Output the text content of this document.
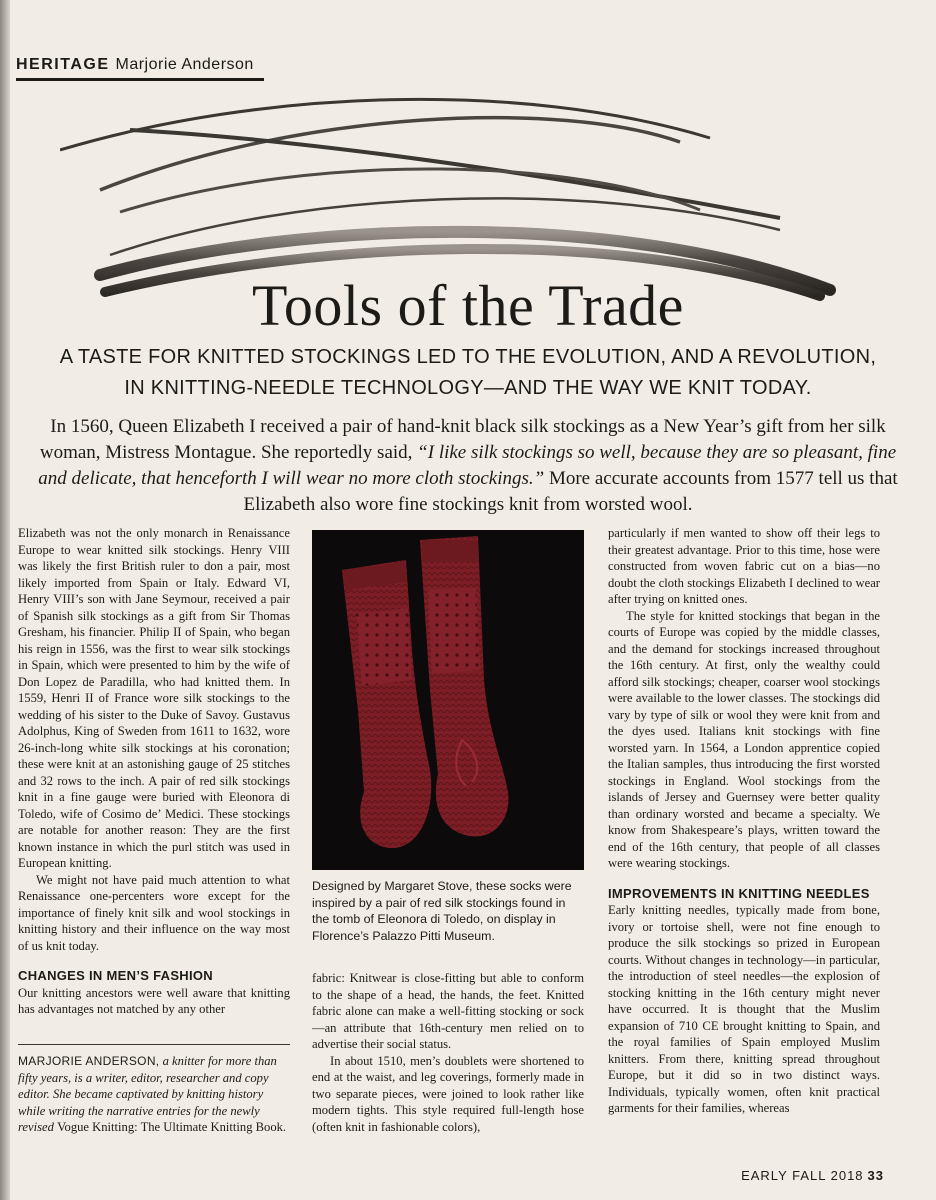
HERITAGE Marjorie Anderson
Tools of the Trade
A TASTE FOR KNITTED STOCKINGS LED TO THE EVOLUTION, AND A REVOLUTION,
IN KNITTING-NEEDLE TECHNOLOGY—AND THE WAY WE KNIT TODAY.
In 1560, Queen Elizabeth I received a pair of hand-knit black silk stockings as a New Year’s gift from her silk woman, Mistress Montague. She reportedly said, “I like silk stockings so well, because they are so pleasant, fine and delicate, that henceforth I will wear no more cloth stockings.” More accurate accounts from 1577 tell us that Elizabeth also wore fine stockings knit from worsted wool.

Elizabeth was not the only monarch in Renaissance Europe to wear knitted silk stockings. Henry VIII was likely the first British ruler to don a pair, most likely imported from Spain or Italy. Edward VI, Henry VIII’s son with Jane Seymour, received a pair of Spanish silk stockings as a gift from Sir Thomas Gresham, his financier. Philip II of Spain, who began his reign in 1556, was the first to wear silk stockings in Spain, which were presented to him by the wife of Don Lopez de Paradilla, who had knitted them. In 1559, Henri II of France wore silk stockings to the wedding of his sister to the Duke of Savoy. Gustavus Adolphus, King of Sweden from 1611 to 1632, wore 26-inch-long white silk stockings at his coronation; these were knit at an astonishing gauge of 25 stitches and 32 rows to the inch. A pair of red silk stockings knit in a fine gauge were buried with Eleonora di Toledo, wife of Cosimo de’ Medici. These stockings are notable for another reason: They are the first known instance in which the purl stitch was used in European knitting.

We might not have paid much attention to what Renaissance one-percenters wore except for the importance of finely knit silk and wool stockings in knitting history and their influence on the way most of us knit today.

CHANGES IN MEN’S FASHION

Our knitting ancestors were well aware that knitting has advantages not matched by any other

MARJORIE ANDERSON, a knitter for more than fifty years, is a writer, editor, researcher and copy editor. She became captivated by knitting history while writing the narrative entries for the newly revised Vogue Knitting: The Ultimate Knitting Book.
Designed by Margaret Stove, these socks were inspired by a pair of red silk stockings found in the tomb of Eleonora di Toledo, on display in Florence’s Palazzo Pitti Museum.

fabric: Knitwear is close-fitting but able to conform to the shape of a head, the hands, the feet. Knitted fabric alone can make a well-fitting stocking or sock—an attribute that 16th-century men relied on to advertise their social status.

In about 1510, men’s doublets were shortened to end at the waist, and leg coverings, formerly made in two separate pieces, were joined to look rather like modern tights. This style required full-length hose (often knit in fashionable colors),

particularly if men wanted to show off their legs to their greatest advantage. Prior to this time, hose were constructed from woven fabric cut on a bias—no doubt the cloth stockings Elizabeth I declined to wear after trying on knitted ones.

The style for knitted stockings that began in the courts of Europe was copied by the middle classes, and the demand for stockings increased throughout the 16th century. At first, only the wealthy could afford silk stockings; cheaper, coarser wool stockings were available to the lower classes. The stockings did vary by type of silk or wool they were knit from and the dyes used. Italians knit stockings with fine worsted yarn. In 1564, a London apprentice copied the Italian samples, thus introducing the first worsted stockings in England. Wool stockings from the islands of Jersey and Guernsey were better quality than ordinary worsted and became a specialty. We know from Shakespeare’s plays, written toward the end of the 16th century, that people of all classes were wearing stockings.

IMPROVEMENTS IN KNITTING NEEDLES

Early knitting needles, typically made from bone, ivory or tortoise shell, were not fine enough to produce the silk stockings so prized in European courts. Without changes in technology—in particular, the introduction of steel needles—the explosion of stocking knitting in the 16th century might never have occurred. It is thought that the Muslim expansion of 710 CE brought knitting to Spain, and the royal families of Spain employed Muslim knitters. From there, knitting spread throughout Europe, but it did so in two distinct ways. Individuals, typically women, often knit practical garments for their families, whereas

EARLY FALL 2018 33
